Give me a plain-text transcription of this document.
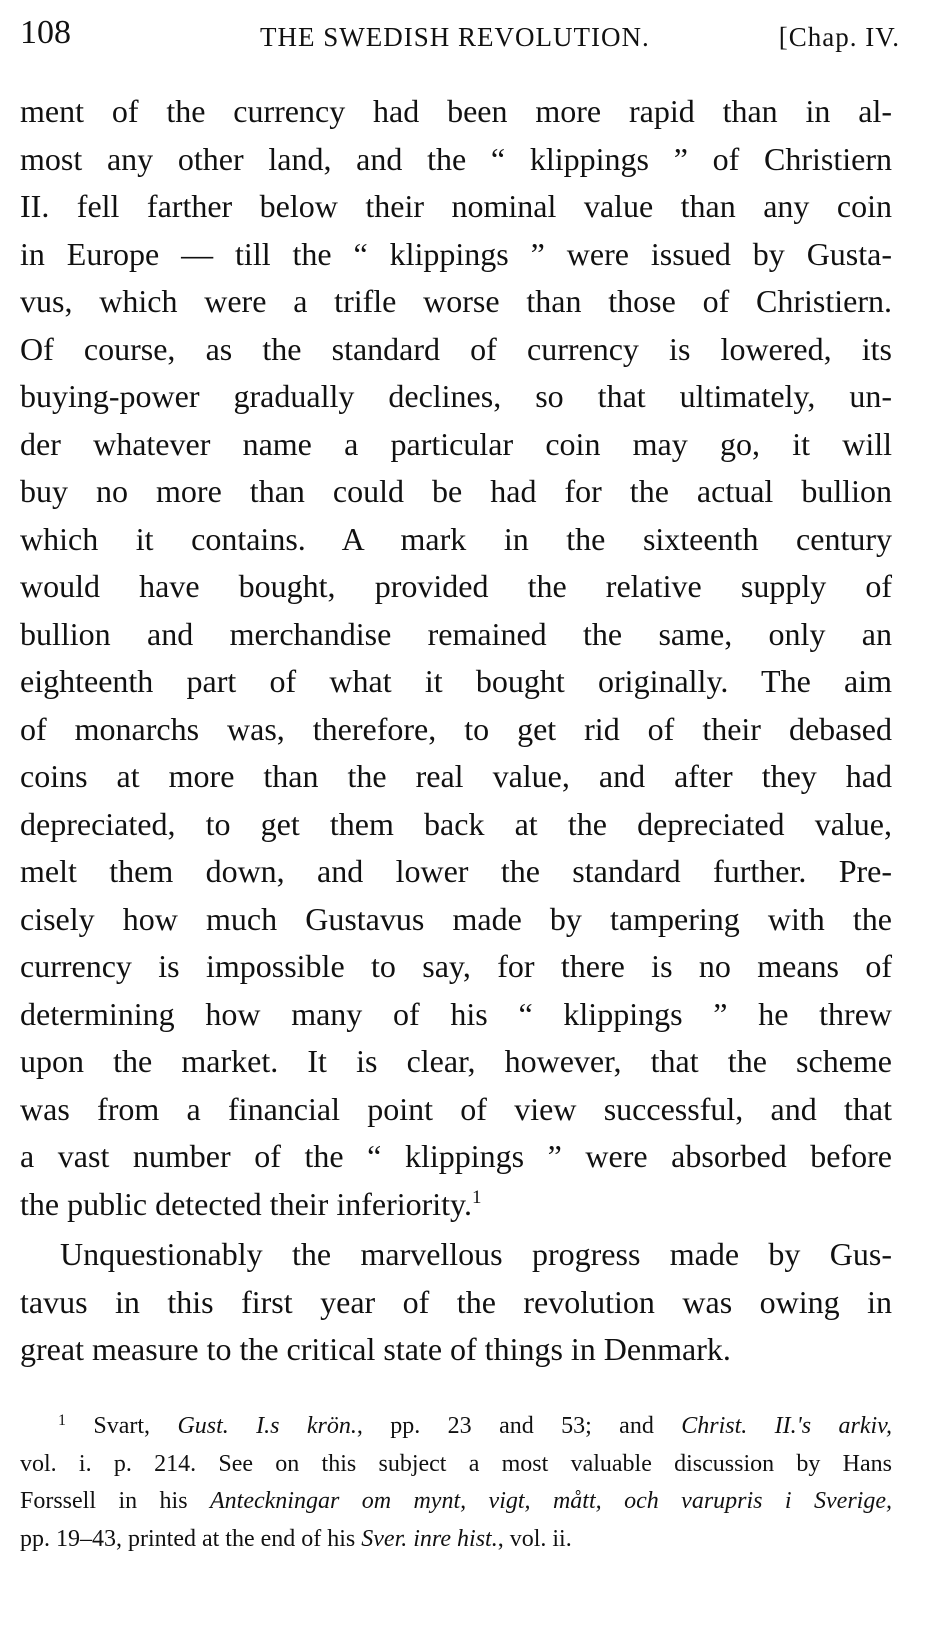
108	THE SWEDISH REVOLUTION.	[Chap. IV.
ment of the currency had been more rapid than in al-
most any other land, and the “ klippings ” of Christiern
II. fell farther below their nominal value than any coin
in Europe — till the “ klippings ” were issued by Gusta-
vus, which were a trifle worse than those of Christiern.
Of course, as the standard of currency is lowered, its
buying-power gradually declines, so that ultimately, un-
der whatever name a particular coin may go, it will
buy no more than could be had for the actual bullion
which it contains. A mark in the sixteenth century
would have bought, provided the relative supply of
bullion and merchandise remained the same, only an
eighteenth part of what it bought originally. The aim
of monarchs was, therefore, to get rid of their debased
coins at more than the real value, and after they had
depreciated, to get them back at the depreciated value,
melt them down, and lower the standard further. Pre-
cisely how much Gustavus made by tampering with the
currency is impossible to say, for there is no means of
determining how many of his “ klippings ” he threw
upon the market. It is clear, however, that the scheme
was from a financial point of view successful, and that
a vast number of the “ klippings ” were absorbed before
the public detected their inferiority.$^1$
Unquestionably the marvellous progress made by Gus-
tavus in this first year of the revolution was owing in
great measure to the critical state of things in Denmark.
$^1$ Svart, Gust. I.s krön., pp. 23 and 53; and Christ. II.'s arkiv,
vol. i. p. 214. See on this subject a most valuable discussion by Hans
Forssell in his Anteckningar om mynt, vigt, mått, och varupris i Sverige,
pp. 19–43, printed at the end of his Sver. inre hist., vol. ii.
